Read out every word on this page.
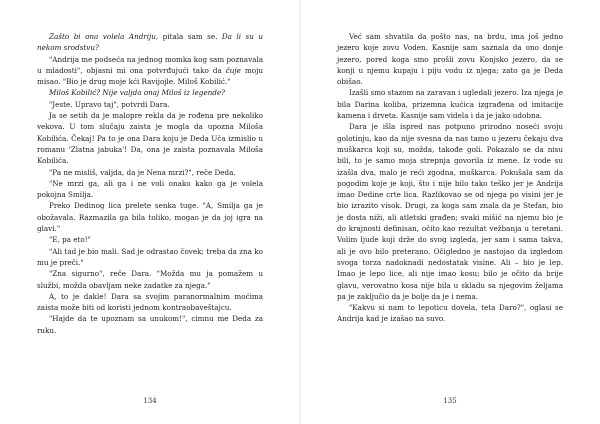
Zašto bi ona volela Andriju, pitala sam se. Da li su u nekom srodstvu?

"Andrija me podseća na jednog momka kog sam poznavala u mladosti", objasni mi ona potvrđujući tako da čuje moju misao. "Bio je drug moje kći Ravijojle. Miloš Kobilić."

Miloš Kobilić? Nije valjda onaj Miloš iz legende?

"Jeste. Upravo taj", potvrdi Dara.

Ja se setih da je malopre rekla da je rođena pre nekoliko vekova. U tom slučaju zaista je mogla da upozna Miloša Kobilića. Čekaj! Pa to je ona Dara koju je Deda Uča izmislio u romanu 'Zlatna jabuka'! Da, ona je zaista poznavala Miloša Kobilića.

"Pa ne misliš, valjda, da je Nena mrzi?", reče Deda.

"Ne mrzi ga, ali ga i ne voli onako kako ga je volela pokojna Smilja.

Preko Dedinog lica prelete senka tuge. "A, Smilja ga je obožavala. Razmazila ga bila toliko, mogao je da joj igra na glavi."

"E, pa eto!"

"Ali tad je bio mali. Sad je odrastao čovek; treba da zna ko mu je preči."

"Zna sigurno", reče Dara. "Možda mu ja pomažem u službi, možda obavljam neke zadatke za njega."

A, to je dakle! Dara sa svojim paranormalnim moćima zaista može biti od koristi jednom kontraobaveštajcu.

"Hajde da te upoznam sa unukom!", cimnu me Deda za ruku.

134

Već sam shvatila da pošto nas, na brdu, ima još jedno jezero koje zovu Voden. Kasnije sam saznala da ono donje jezero, pored koga smo prošli zovu Konjsko jezero, da se konji u njemu kupaju i piju vodu iz njega; zato ga je Deda obišao.

Izašli smo stazom na zaravan i ugledali jezero. Iza njega je bila Darina koliba, prizemna kućica izgrađena od imitacije kamena i drveta. Kasnije sam videla i da je jako udobna.

Dara je išla ispred nas potpuno prirodno noseći svoju golotinju, kao da nije svesna da nas tamo u jezeru čekaju dva muškarca koji su, možda, takođe goli. Pokazalo se da nisu bili, to je samo moja strepnja govorila iz mene. Iz vode su izašla dva, malo je reći zgodna, muškarca. Pokušala sam da pogodim koje je koji, što i nije bilo tako teško jer je Andrija imao Dedine crte lica. Razlikovao se od njega po visini jer je bio izrazito visok. Drugi, za koga sam znala da je Stefan, bio je dosta niži, ali atletski građen; svaki mišić na njemu bio je do krajnosti definisan, očito kao rezultat vežbanja u teretani. Volim ljude koji drže do svog izgleda, jer sam i sama takva, ali je ovo bilo preterano. Očigledno je nastojao da izgledom svoga torza nadoknadi nedostatak visine. Ali – bio je lep. Imao je lepo lice, ali nije imao kosu; bilo je očito da brije glavu, verovatno kosa nije bila u skladu sa njegovim željama pa je zaključio da je bolje da je i nema.

"Kakvu si nam to lepoticu dovela, teta Daro?", oglasi se Andrija kad je izašao na suvo.

135
